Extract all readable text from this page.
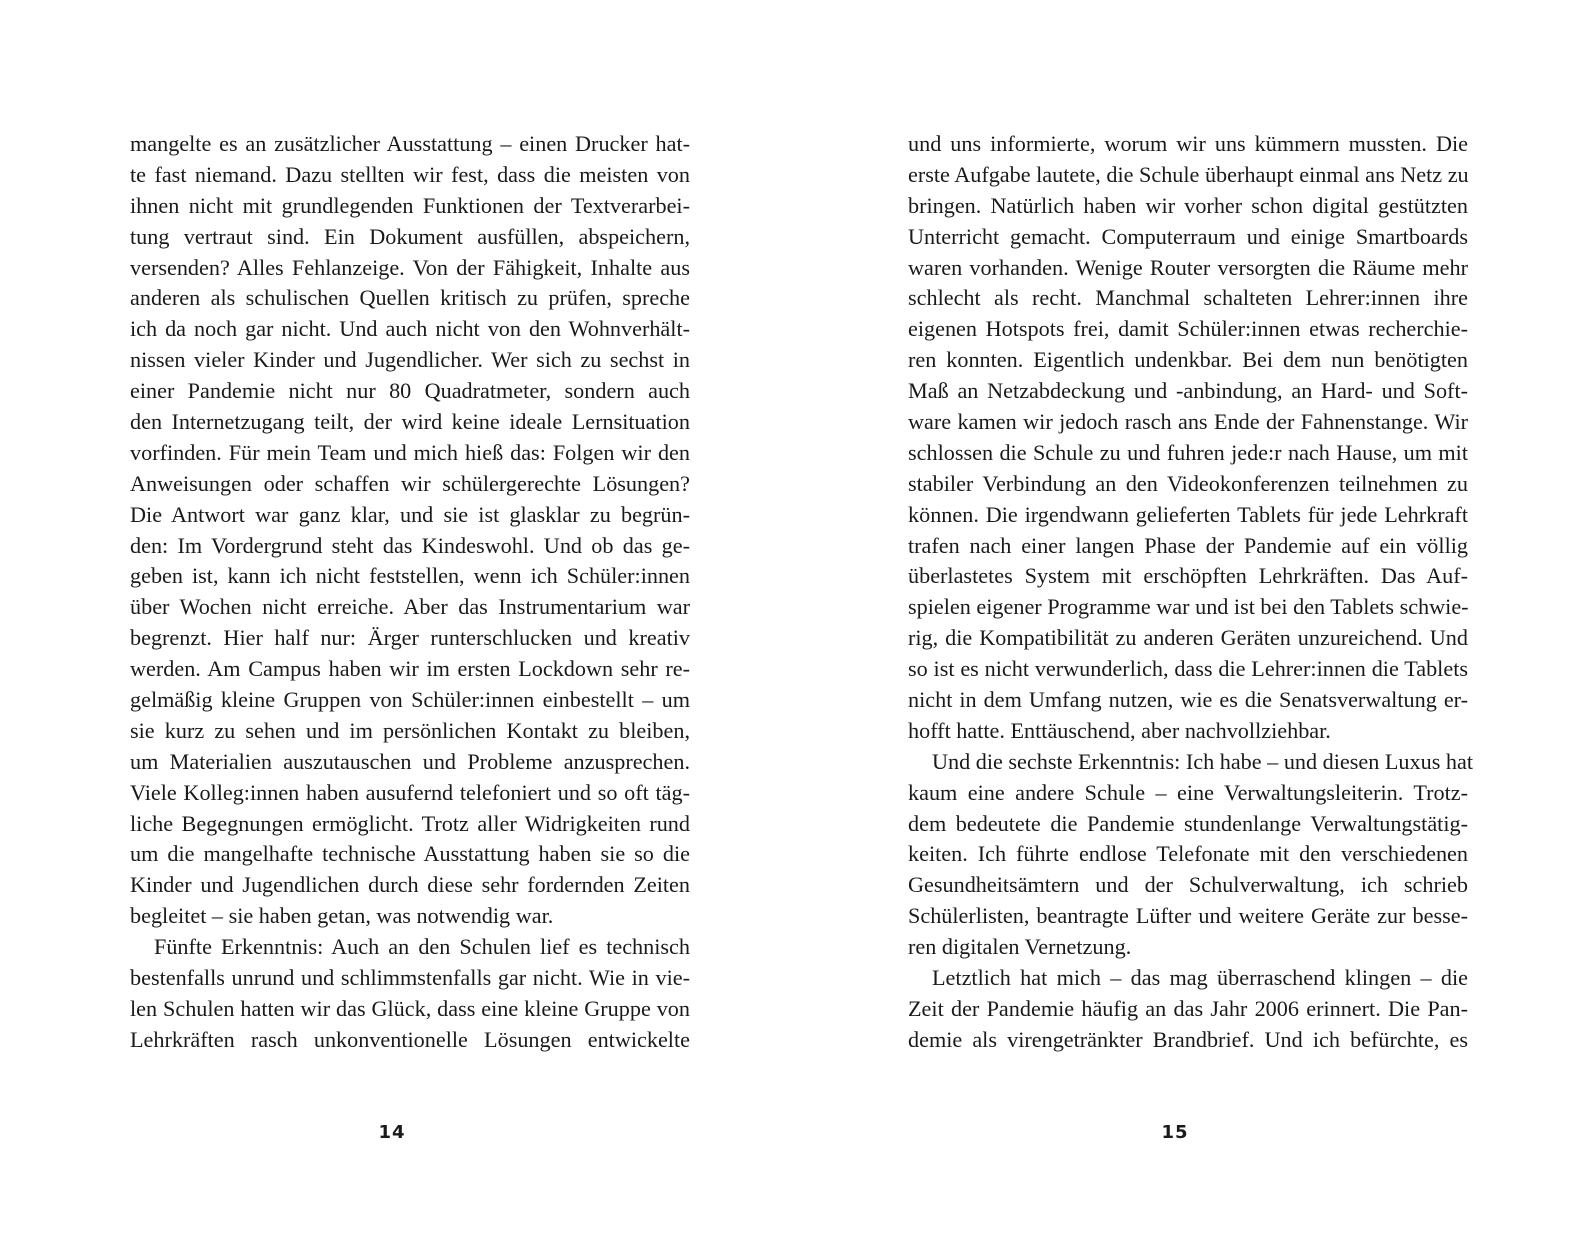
mangelte es an zusätzlicher Ausstattung – einen Drucker hat-
te fast niemand. Dazu stellten wir fest, dass die meisten von
ihnen nicht mit grundlegenden Funktionen der Textverarbei-
tung vertraut sind. Ein Dokument ausfüllen, abspeichern,
versenden? Alles Fehlanzeige. Von der Fähigkeit, Inhalte aus
anderen als schulischen Quellen kritisch zu prüfen, spreche
ich da noch gar nicht. Und auch nicht von den Wohnverhält-
nissen vieler Kinder und Jugendlicher. Wer sich zu sechst in
einer Pandemie nicht nur 80 Quadratmeter, sondern auch
den Internetzugang teilt, der wird keine ideale Lernsituation
vorfinden. Für mein Team und mich hieß das: Folgen wir den
Anweisungen oder schaffen wir schülergerechte Lösungen?
Die Antwort war ganz klar, und sie ist glasklar zu begrün-
den: Im Vordergrund steht das Kindeswohl. Und ob das ge-
geben ist, kann ich nicht feststellen, wenn ich Schüler:innen
über Wochen nicht erreiche. Aber das Instrumentarium war
begrenzt. Hier half nur: Ärger runterschlucken und kreativ
werden. Am Campus haben wir im ersten Lockdown sehr re-
gelmäßig kleine Gruppen von Schüler:innen einbestellt – um
sie kurz zu sehen und im persönlichen Kontakt zu bleiben,
um Materialien auszutauschen und Probleme anzusprechen.
Viele Kolleg:innen haben ausufernd telefoniert und so oft täg-
liche Begegnungen ermöglicht. Trotz aller Widrigkeiten rund
um die mangelhafte technische Ausstattung haben sie so die
Kinder und Jugendlichen durch diese sehr fordernden Zeiten
begleitet – sie haben getan, was notwendig war.
Fünfte Erkenntnis: Auch an den Schulen lief es technisch
bestenfalls unrund und schlimmstenfalls gar nicht. Wie in vie-
len Schulen hatten wir das Glück, dass eine kleine Gruppe von
Lehrkräften rasch unkonventionelle Lösungen entwickelte
14
und uns informierte, worum wir uns kümmern mussten. Die
erste Aufgabe lautete, die Schule überhaupt einmal ans Netz zu
bringen. Natürlich haben wir vorher schon digital gestützten
Unterricht gemacht. Computerraum und einige Smartboards
waren vorhanden. Wenige Router versorgten die Räume mehr
schlecht als recht. Manchmal schalteten Lehrer:innen ihre
eigenen Hotspots frei, damit Schüler:innen etwas recherchie-
ren konnten. Eigentlich undenkbar. Bei dem nun benötigten
Maß an Netzabdeckung und -anbindung, an Hard- und Soft-
ware kamen wir jedoch rasch ans Ende der Fahnenstange. Wir
schlossen die Schule zu und fuhren jede:r nach Hause, um mit
stabiler Verbindung an den Videokonferenzen teilnehmen zu
können. Die irgendwann gelieferten Tablets für jede Lehrkraft
trafen nach einer langen Phase der Pandemie auf ein völlig
überlastetes System mit erschöpften Lehrkräften. Das Auf-
spielen eigener Programme war und ist bei den Tablets schwie-
rig, die Kompatibilität zu anderen Geräten unzureichend. Und
so ist es nicht verwunderlich, dass die Lehrer:innen die Tablets
nicht in dem Umfang nutzen, wie es die Senatsverwaltung er-
hofft hatte. Enttäuschend, aber nachvollziehbar.
Und die sechste Erkenntnis: Ich habe – und diesen Luxus hat
kaum eine andere Schule – eine Verwaltungsleiterin. Trotz-
dem bedeutete die Pandemie stundenlange Verwaltungstätig-
keiten. Ich führte endlose Telefonate mit den verschiedenen
Gesundheitsämtern und der Schulverwaltung, ich schrieb
Schülerlisten, beantragte Lüfter und weitere Geräte zur besse-
ren digitalen Vernetzung.
Letztlich hat mich – das mag überraschend klingen – die
Zeit der Pandemie häufig an das Jahr 2006 erinnert. Die Pan-
demie als virengetränkter Brandbrief. Und ich befürchte, es
15
